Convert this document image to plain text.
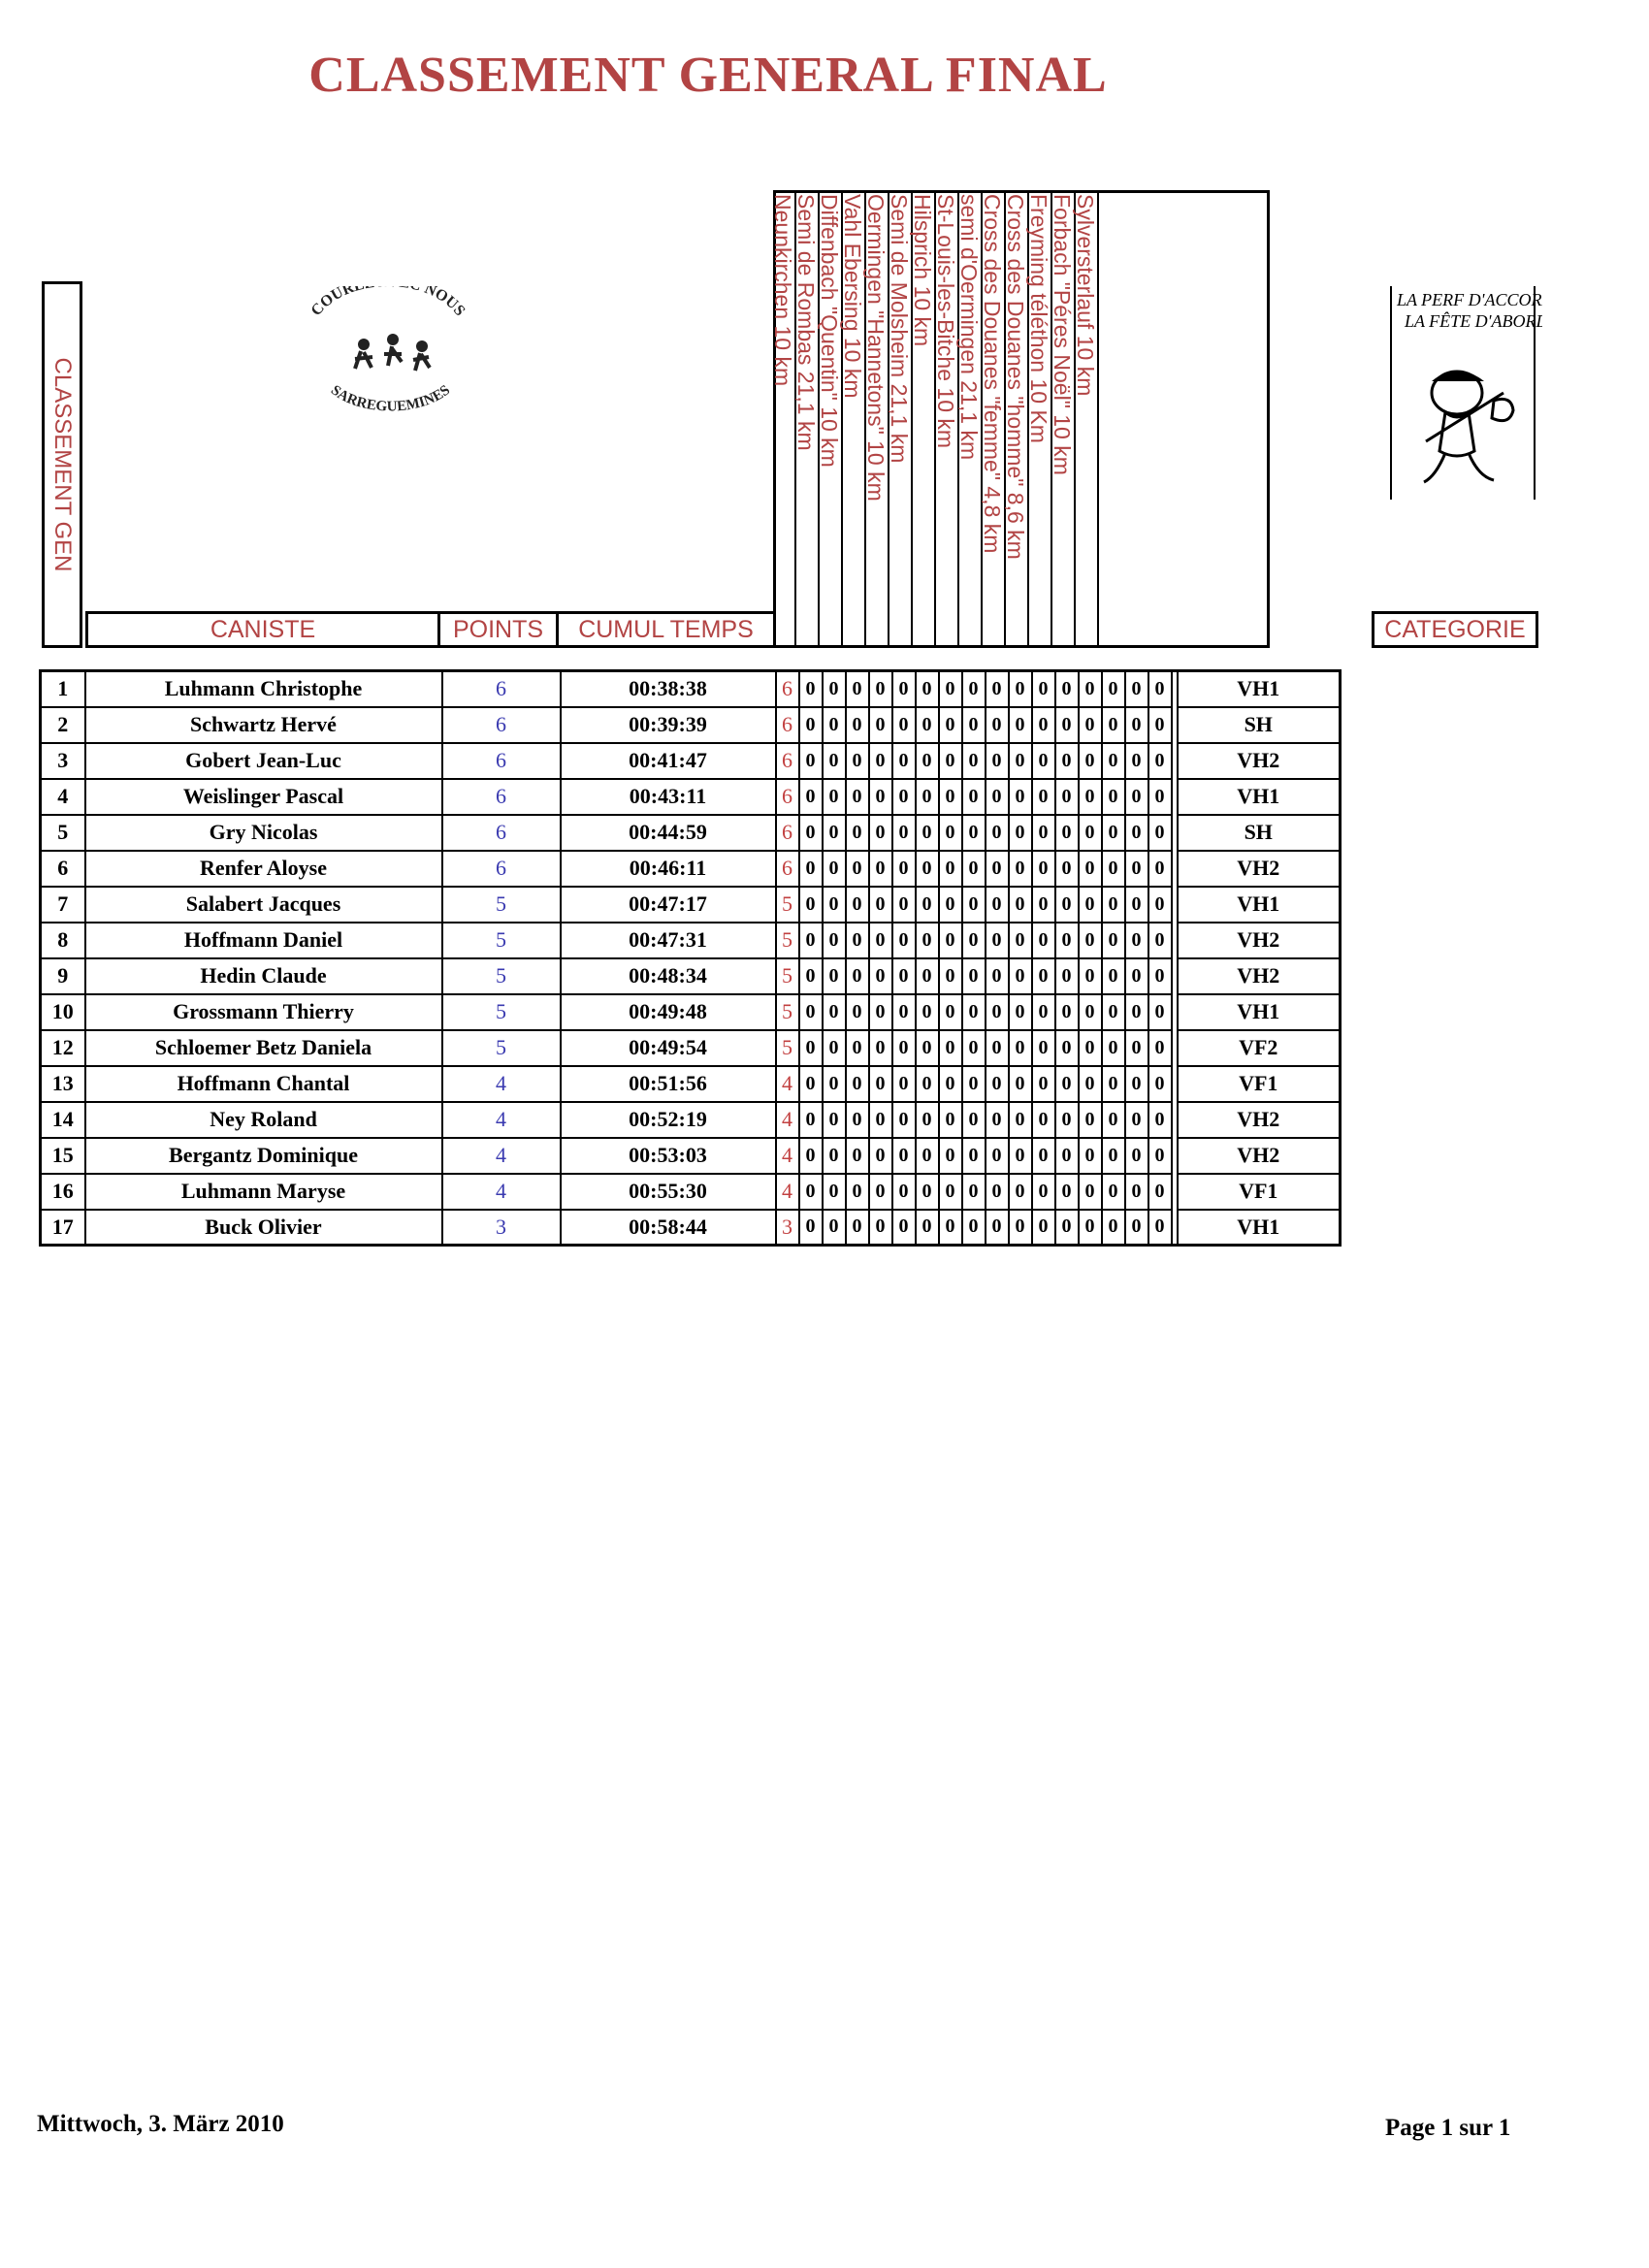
CLASSEMENT GENERAL FINAL
CLASSEMENT GEN
COUR NOUS
SARREGUEMINES
LA PERF D'ACCORD
LA FÊTE D'ABORD
Neunkirchen 10 km
Semi de Rombas 21,1 km
Diffenbach "Quentin" 10 km
Vahl Ebersing 10 km
Oermingen "Hannetons" 10 km
Semi de Molsheim 21,1 km
Hilsprich 10 km
St-Louis-les-Bitche 10 km
semi d'Oermingen 21,1 km
Cross des Douanes "femme" 4,8 km
Cross des Douanes "homme" 8,6 km
Freyming téléthon 10 Km
Forbach "Péres Noël" 10 km
Sylversterlauf 10 km
CANISTE	POINTS	CUMUL TEMPS	CATEGORIE
1	Luhmann Christophe	6	00:38:38	6	0	0	0	0	0	0	0	0	0	0	0	0	0	0	0	0		VH1
2	Schwartz Hervé	6	00:39:39	6	0	0	0	0	0	0	0	0	0	0	0	0	0	0	0	0		SH
3	Gobert Jean-Luc	6	00:41:47	6	0	0	0	0	0	0	0	0	0	0	0	0	0	0	0	0		VH2
4	Weislinger Pascal	6	00:43:11	6	0	0	0	0	0	0	0	0	0	0	0	0	0	0	0	0		VH1
5	Gry Nicolas	6	00:44:59	6	0	0	0	0	0	0	0	0	0	0	0	0	0	0	0	0		SH
6	Renfer Aloyse	6	00:46:11	6	0	0	0	0	0	0	0	0	0	0	0	0	0	0	0	0		VH2
7	Salabert Jacques	5	00:47:17	5	0	0	0	0	0	0	0	0	0	0	0	0	0	0	0	0		VH1
8	Hoffmann Daniel	5	00:47:31	5	0	0	0	0	0	0	0	0	0	0	0	0	0	0	0	0		VH2
9	Hedin Claude	5	00:48:34	5	0	0	0	0	0	0	0	0	0	0	0	0	0	0	0	0		VH2
10	Grossmann Thierry	5	00:49:48	5	0	0	0	0	0	0	0	0	0	0	0	0	0	0	0	0		VH1
12	Schloemer Betz Daniela	5	00:49:54	5	0	0	0	0	0	0	0	0	0	0	0	0	0	0	0	0		VF2
13	Hoffmann Chantal	4	00:51:56	4	0	0	0	0	0	0	0	0	0	0	0	0	0	0	0	0		VF1
14	Ney Roland	4	00:52:19	4	0	0	0	0	0	0	0	0	0	0	0	0	0	0	0	0		VH2
15	Bergantz Dominique	4	00:53:03	4	0	0	0	0	0	0	0	0	0	0	0	0	0	0	0	0		VH2
16	Luhmann Maryse	4	00:55:30	4	0	0	0	0	0	0	0	0	0	0	0	0	0	0	0	0		VF1
17	Buck Olivier	3	00:58:44	3	0	0	0	0	0	0	0	0	0	0	0	0	0	0	0	0		VH1
Mittwoch, 3. März 2010	Page 1 sur 1
